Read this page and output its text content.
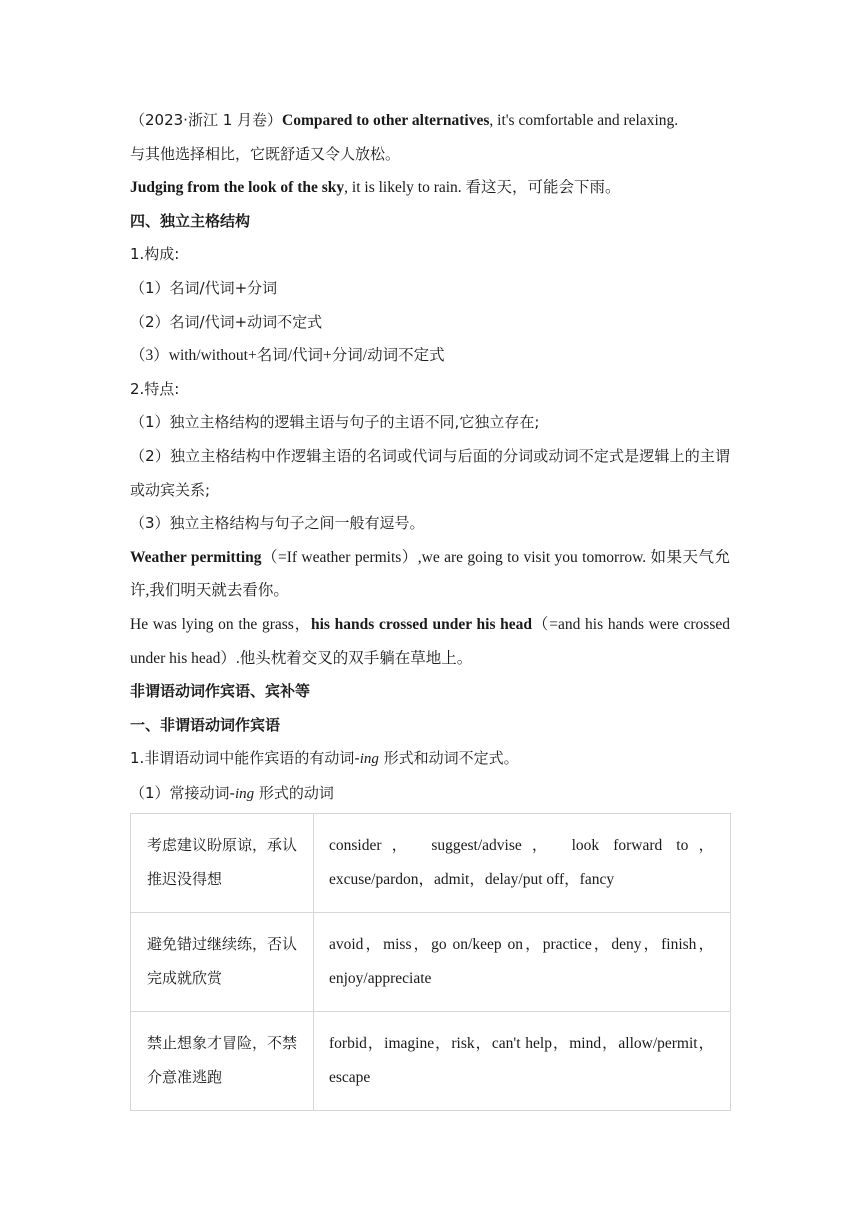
（2023·浙江 1 月卷）Compared to other alternatives, it's comfortable and relaxing.
与其他选择相比，它既舒适又令人放松。
Judging from the look of the sky, it is likely to rain. 看这天，可能会下雨。
四、独立主格结构
1.构成:
（1）名词/代词+分词
（2）名词/代词+动词不定式
（3）with/without+名词/代词+分词/动词不定式
2.特点:
（1）独立主格结构的逻辑主语与句子的主语不同,它独立存在;
（2）独立主格结构中作逻辑主语的名词或代词与后面的分词或动词不定式是逻辑上的主谓或动宾关系;
（3）独立主格结构与句子之间一般有逗号。
Weather permitting（=If weather permits）,we are going to visit you tomorrow. 如果天气允许,我们明天就去看你。
He was lying on the grass，his hands crossed under his head（=and his hands were crossed under his head）.他头枕着交叉的双手躺在草地上。
非谓语动词作宾语、宾补等
一、非谓语动词作宾语
1.非谓语动词中能作宾语的有动词-ing 形式和动词不定式。
（1）常接动词-ing 形式的动词
考虑建议盼原谅，承认推迟没得想	consider， suggest/advise， look forward to，excuse/pardon，admit，delay/put off，fancy
避免错过继续练，否认完成就欣赏	avoid，miss，go on/keep on，practice，deny，finish，enjoy/appreciate
禁止想象才冒险，不禁介意准逃跑	forbid，imagine，risk，can't help，mind，allow/permit，escape
